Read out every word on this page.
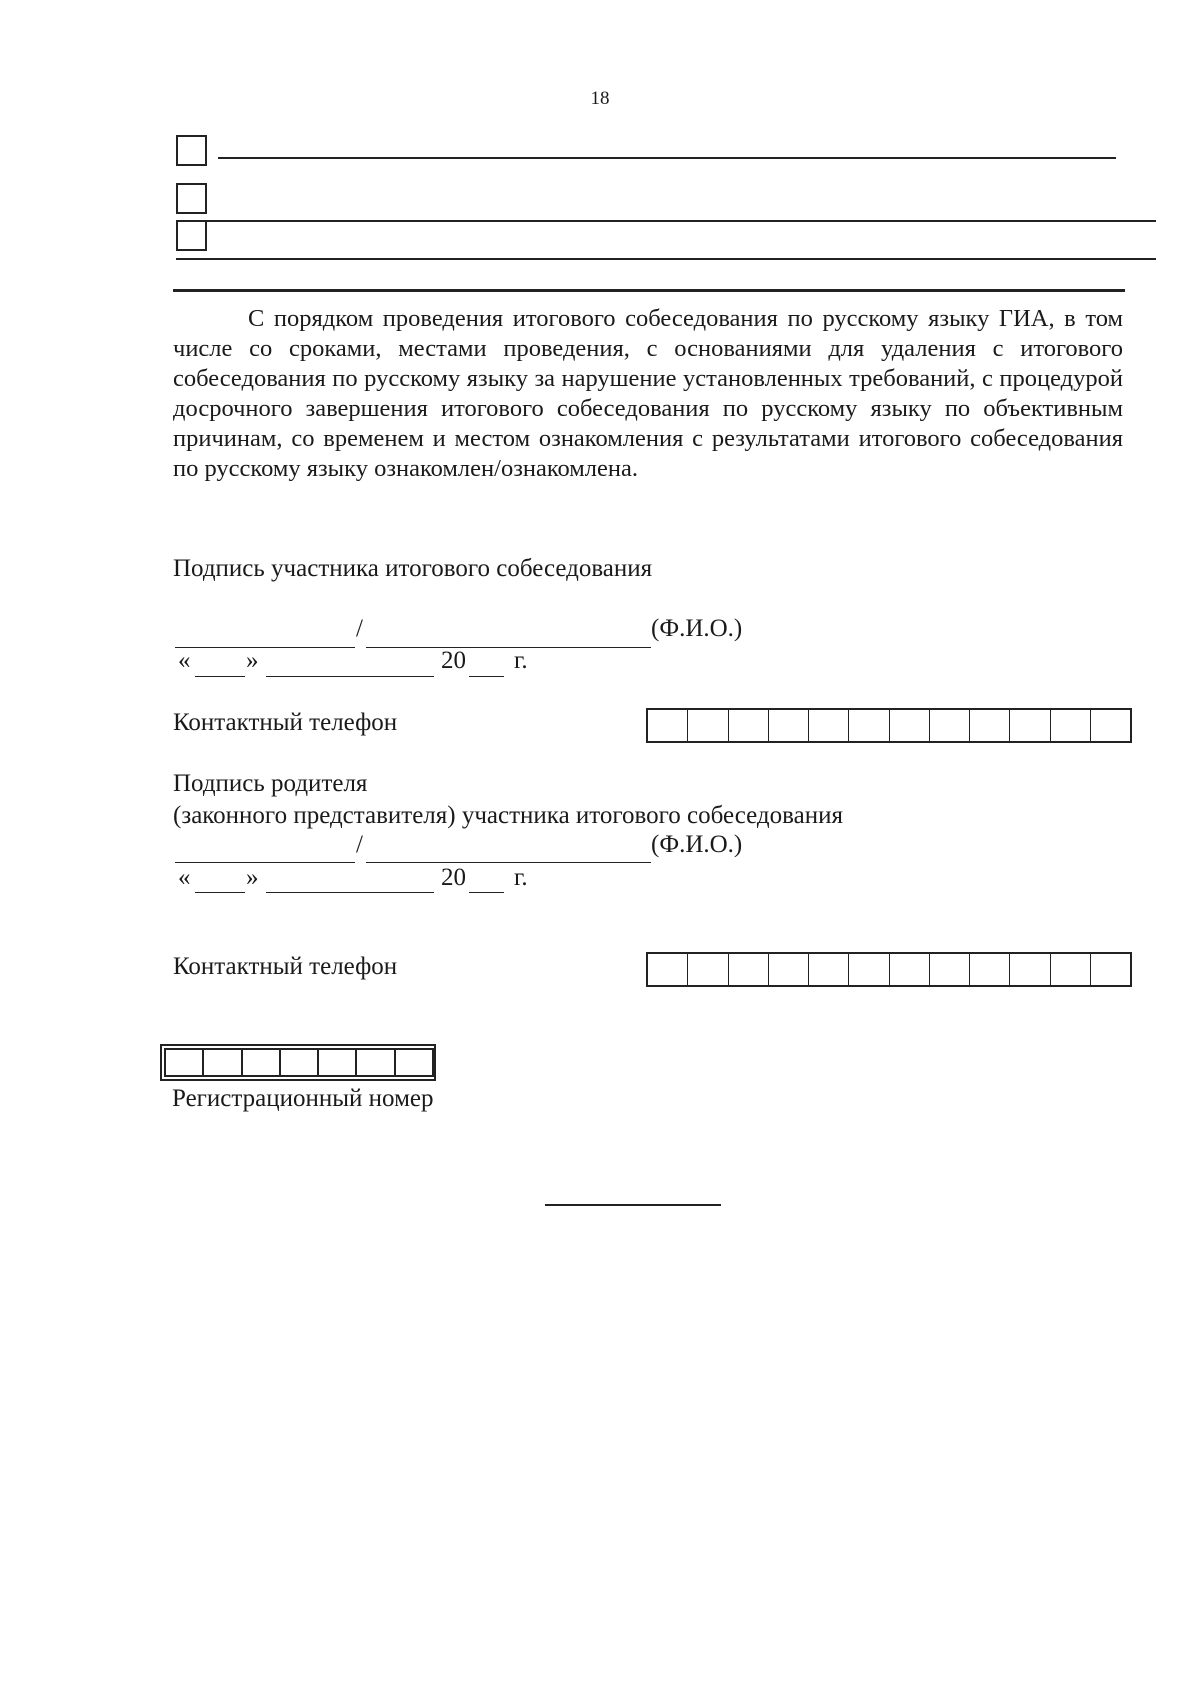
18
С порядком проведения итогового собеседования по русскому языку ГИА, в том числе со сроками, местами проведения, с основаниями для удаления с итогового собеседования по русскому языку за нарушение установленных требований, с процедурой досрочного завершения итогового собеседования по русскому языку по объективным причинам, со временем и местом ознакомления с результатами итогового собеседования по русскому языку ознакомлен/ознакомлена.
Подпись участника итогового собеседования
/	(Ф.И.О.)
« »	20 г.
Контактный телефон
Подпись родителя
(законного представителя) участника итогового собеседования
/	(Ф.И.О.)
« »	20 г.
Контактный телефон
Регистрационный номер
